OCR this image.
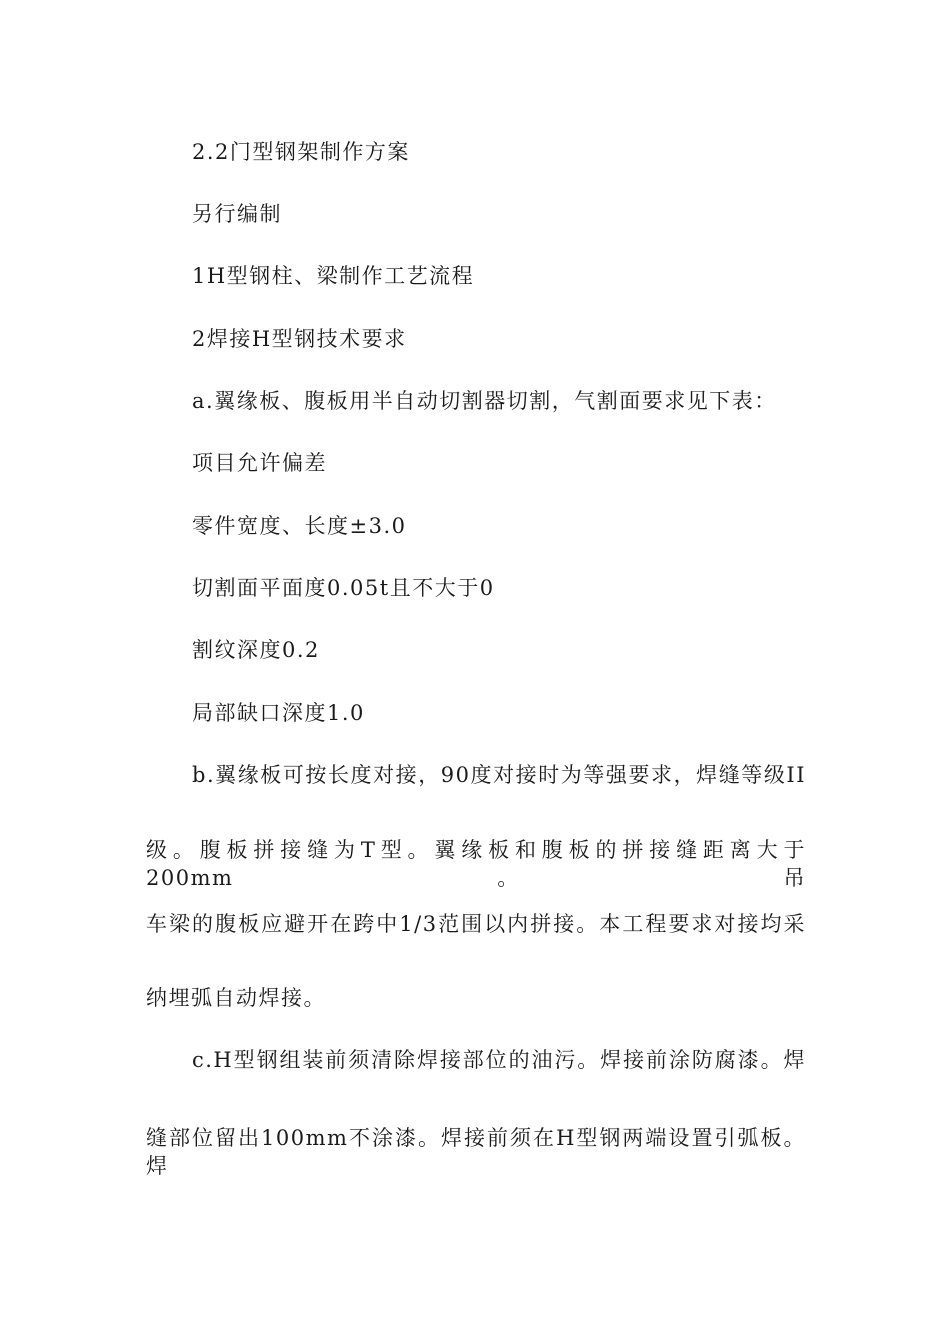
2.2门型钢架制作方案
另行编制
1H型钢柱、梁制作工艺流程
2焊接H型钢技术要求
a.翼缘板、腹板用半自动切割器切割，气割面要求见下表：
项目允许偏差
零件宽度、长度±3.0
切割面平面度0.05t且不大于0
割纹深度0.2
局部缺口深度1.0
b.翼缘板可按长度对接，90度对接时为等强要求，焊缝等级II
级。腹板拼接缝为T型。翼缘板和腹板的拼接缝距离大于200mm。吊
车梁的腹板应避开在跨中1/3范围以内拼接。本工程要求对接均采
纳埋弧自动焊接。
c.H型钢组装前须清除焊接部位的油污。焊接前涂防腐漆。焊
缝部位留出100mm不涂漆。焊接前须在H型钢两端设置引弧板。焊
